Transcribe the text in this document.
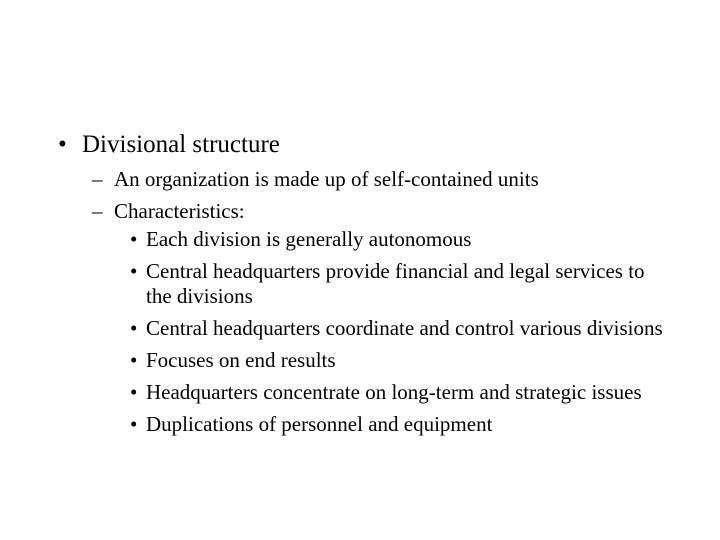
• Divisional structure
– An organization is made up of self-contained units
– Characteristics:
• Each division is generally autonomous
• Central headquarters provide financial and legal services to the divisions
• Central headquarters coordinate and control various divisions
• Focuses on end results
• Headquarters concentrate on long-term and strategic issues
• Duplications of personnel and equipment
